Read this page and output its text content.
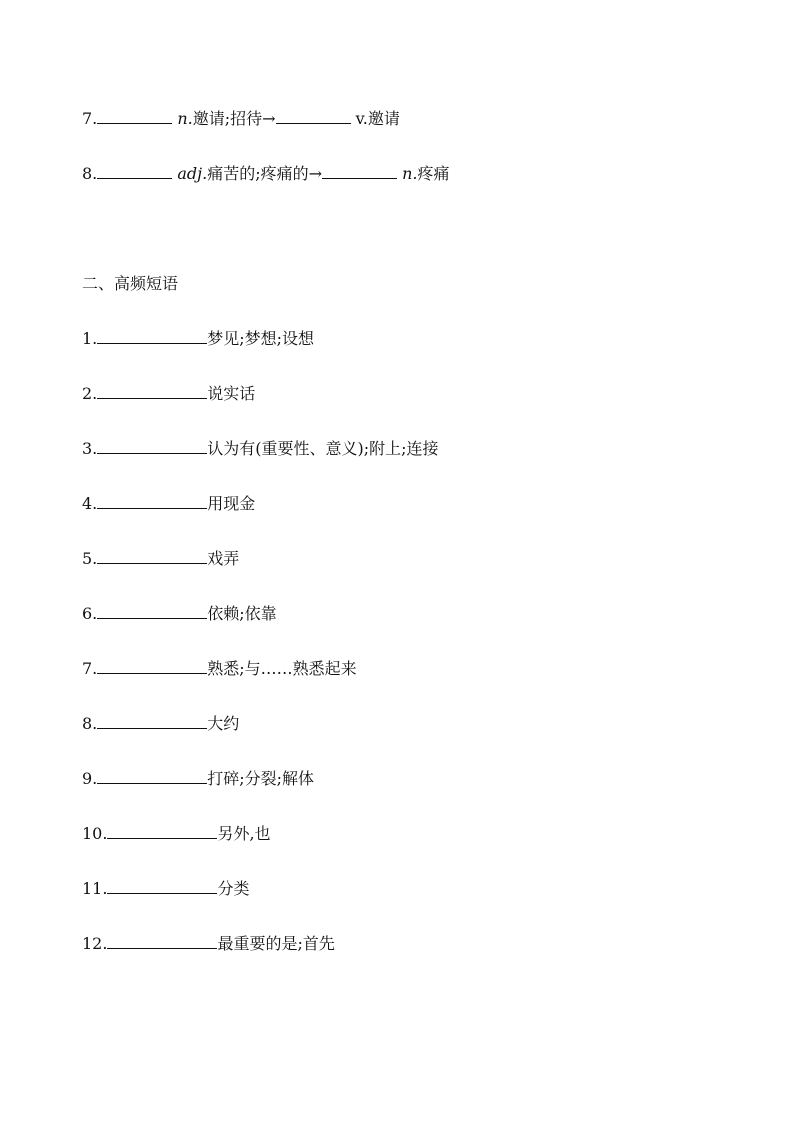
7.	n.邀请;招待→	v.邀请
8.	adj.痛苦的;疼痛的→	n.疼痛
二、高频短语
1.	梦见;梦想;设想
2.	说实话
3.	认为有(重要性、意义);附上;连接
4.	用现金
5.	戏弄
6.	依赖;依靠
7.	熟悉;与……熟悉起来
8.	大约
9.	打碎;分裂;解体
10.	另外,也
11.	分类
12.	最重要的是;首先
